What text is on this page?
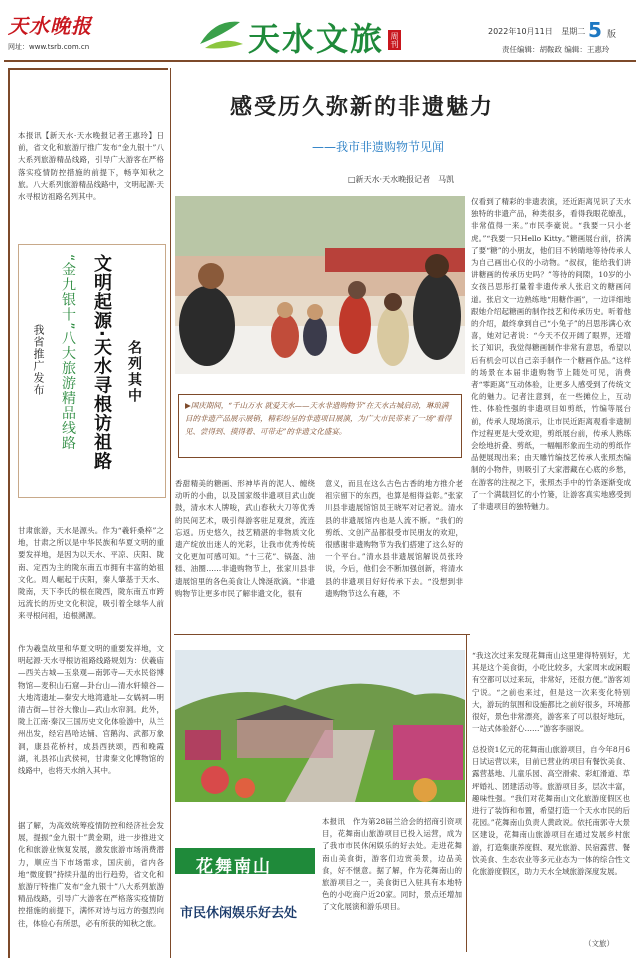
天水晚报
网址：www.tsrb.com.cn	天水文旅 周刊
2022年10月11日 星期二 5 版
责任编辑：胡鞍政 编辑：王惠玲
本报讯【新天水·天水晚报记者王惠玲】日前，省文化和旅游厅推广发布“金九银十”八大系列旅游精品线路，引导广大游客在严格落实疫情防控措施的前提下，畅享知秋之旅。八大系列旅游精品线路中，文明起源·天水寻根访祖路名列其中。
我省推广发布 “金九银十”八大旅游精品线路 文明起源·天水寻根访祖路 名列其中
甘肃旅游，天水是源头。作为“羲轩桑梓”之地，甘肃之所以是中华民族和华夏文明的重要发祥地，是因为以天水、平凉、庆阳、陇南、定西为主的陇东南五市拥有丰富的始祖文化。周人崛起于庆阳，秦人肇基于天水、陇南，天下李氏的根在陇西，陇东南五市跨远流长的历史文化积淀，吸引着全球华人前来寻根问祖，追根溯源。
作为羲皇故里和华夏文明的重要发祥地，文明起源·天水寻根访祖路线路规划为：伏羲庙—西关古城—玉泉观—南郭寺—天水民俗博物馆—麦积山石窟—卦台山—清水轩辕谷—大地湾遗址—秦安大地湾遗址—女娲祠—明清古街—甘谷大像山—武山水帘洞。此外，陇上江南·秦汉三国历史文化体验游中，从兰州出发，经宕昌哈达铺、官鹅沟、武都万象洞，康县花桥村，成县西狭颂，西和晚霞湖，礼县祁山武侯祠，甘肃秦文化博物馆的线路中，也将天水纳入其中。
据了解，为高效统筹疫情防控和经济社会发展，提振“金九银十”黄金期，进一步推进文化和旅游业恢复发展，激发旅游市场消费潜力，顺应当下市场需求，国庆前，省内各地“微度假”持续升温的出行趋势，省文化和旅游厅特推广发布“金九银十”八大系列旅游精品线路，引导广大游客在严格落实疫情防控措施的前提下，满怀对诗与远方的强烈向往，体验心有所思，必有所获的知秋之旅。
感受历久弥新的非遗魅力
——我市非遗购物节见闻
□新天水·天水晚报记者　马凯
▶国庆期间，“千山万水 就爱天水——天水非遗购物节”在天水古城启动，琳琅满目的非遗产品展示展销，精彩纷呈的非遗项目展演，为广大市民带来了一场“看得见、尝得到、摸得着、可带走”的非遗文化盛宴。
香甜精美的糖画、形神毕肖的泥人、缠绕动听的小曲，以及国家级非遗项目武山旋鼓，清水木人牌唆，武山春秋大刀等优秀的民间艺术，吸引得游客驻足观赏，流连忘返。历史悠久，技艺精湛的非物质文化遗产绽放出迷人的光彩，让我市优秀传统文化更加可感可知。“十三花”、锅盔、油糕、油圈……非遗购物节上，张家川县非遗展馆里的各色美食让人馋涎欲滴。“非遗购物节让更多市民了解非遗文化，很有
意义，而且在这么古色古香的地方推介老祖宗留下的东西，也算是相得益彰。”张家川县非遗展馆馆员王晓军对记者说。清水县的非遗展馆内也是人流不断。“我们的剪纸、文创产品都很受市民朋友的欢迎，很感谢非遗购物节为我们搭建了这么好的一个平台。”清水县非遗展馆解说员张玲说，今后，他们会不断加强创新，将清水县的非遗项目好好传承下去。“没想到非遗购物节这么有趣，不
仅看到了精彩的非遗表演，还近距离见识了天水独特的非遗产品，种类很多，看得我眼花缭乱，非常值得一来。”市民李豪说。“我要一只小老虎。”“我要一只Hello Kitty。”糖画展台前，挤满了要“糖”的小朋友，他们目不转睛地等待传承人为自己画出心仪的小动物。“叔叔，能给我们讲讲糖画的传承历史吗？”等待的间隙，10岁的小女孩吕思彤打量着非遗传承人张启文的糖画问道。张启文一边熟练地“用糖作画”，一边详细地跟她介绍起糖画的制作技艺和传承历史。听着他的介绍，最终拿到自己“小兔子”的吕思彤满心欢喜，她对记者说：“今天不仅开阔了眼界，还增长了知识，我觉得糖画制作非常有意思，希望以后有机会可以自己亲手制作一个糖画作品。”这样的场景在本届非遗购物节上随处可见，消费者“零距离”互动体验，让更多人感受到了传统文化的魅力。记者注意到，在一些摊位上，互动性、体验性强的非遗项目如剪纸，竹编等展台前，传承人现场演示，让市民近距离观看非遗制作过程更是大受欢迎，剪纸展台前，传承人熟练会绘地折叠、剪纸，一幅幅形象而生动的剪纸作品便展现出来；由天雕竹编技艺传承人张照杰编制的小物件，则吸引了大家潜藏在心底的乡愁，在游客的注视之下，张照杰手中的竹条逐渐变成了一个满载回忆的小竹篓，让游客真实地感受到了非遗项目的独特魅力。
“我这次过来发现花舞南山这里建得特别好，尤其是这个美食街，小吃比较多，大家周末或闲暇有空都可以过来玩，非常好，还很方便。”游客刘宁说。“之前也来过，但是这一次来变化特别大，游玩的氛围和设施都比之前好很多，环境都很好，景色非常漂亮，游客来了可以很好地玩，一站式体验舒心……”游客李丽说。
总投资1亿元的花舞南山旅游项目，自今年8月6日试运营以来，目前已营业的项目有餐饮美食、露营基地、儿童乐园、高空滑索、彩虹滑道、草坪婚礼、团建活动等。旅游项目多，层次丰富，趣味性强。“我们对花舞南山文化旅游度假区也进行了装饰和布置，希望打造一个天水市民的后花园。”花舞南山负责人黄政说。依托南郭寺大景区建设，花舞南山旅游项目在通过发展乡村旅游，打造集康养度假、观光旅游、民宿露营、餐饮美食、生态农业等多元业态为一体的综合性文化旅游度假区，助力天水全域旅游深度发展。
（文旅）
花舞南山
市民休闲娱乐好去处
本报讯　作为第28届兰洽会的招商引资项目，花舞南山旅游项目已投入运营，成为了我市市民休闲娱乐的好去处。走进花舞南山美食街，游客们边赏美景，边品美食，好不惬意。据了解，作为花舞南山的旅游项目之一，美食街已入驻具有本地特色的小吃商户近20家。同时，景点还增加了文化展演和游乐项目。
